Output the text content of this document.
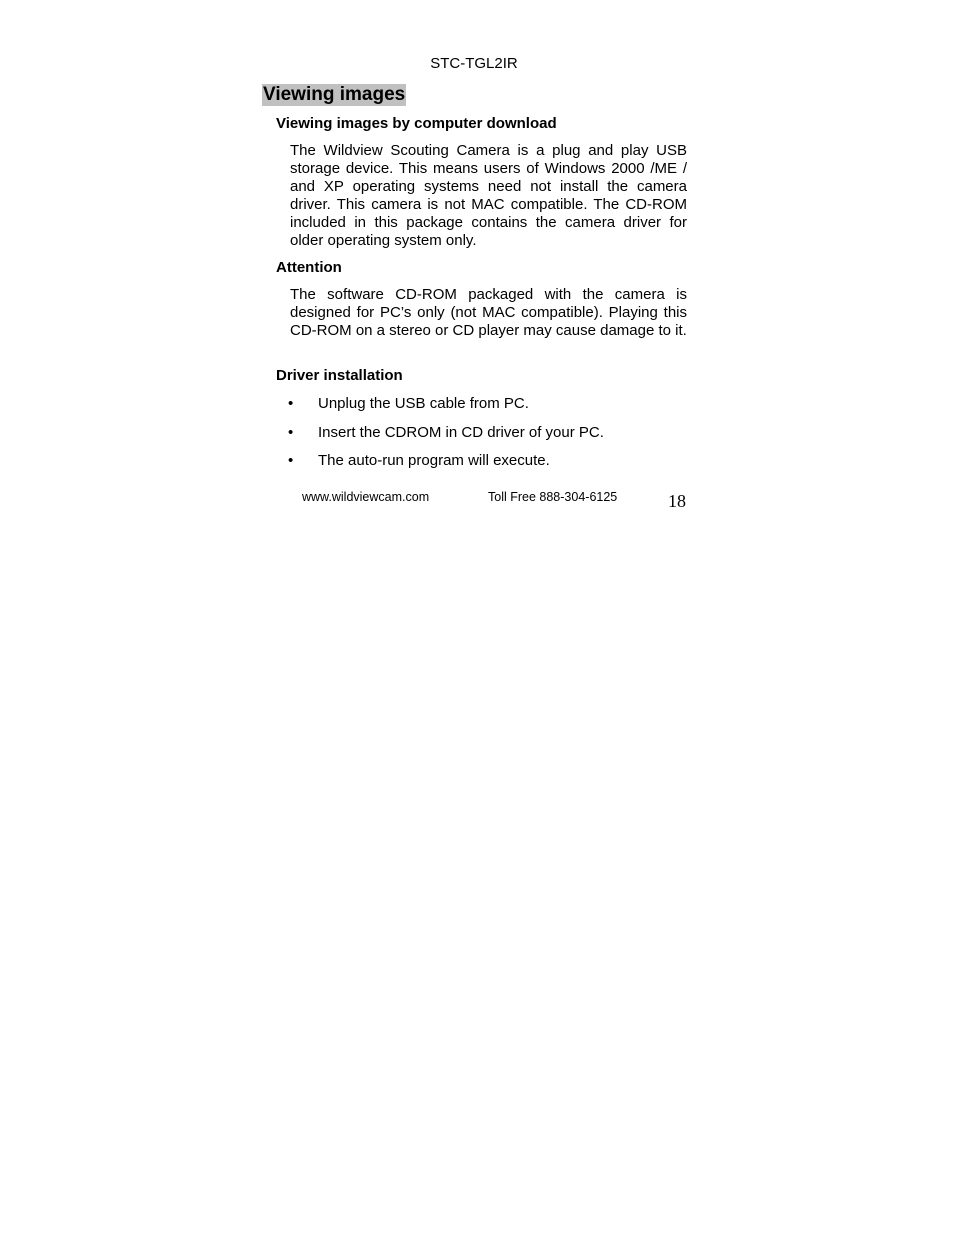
STC-TGL2IR
Viewing images
Viewing images by computer download

The Wildview Scouting Camera is a plug and play USB storage device. This means users of Windows 2000 /ME / and XP operating systems need not install the camera driver. This camera is not MAC compatible. The CD-ROM included in this package contains the camera driver for older operating system only.

Attention

The software CD-ROM packaged with the camera is designed for PC’s only (not MAC compatible). Playing this CD-ROM on a stereo or CD player may cause damage to it.

Driver installation
•	Unplug the USB cable from PC.
•	Insert the CDROM in CD driver of your PC.
•	The auto-run program will execute.
www.wildviewcam.com	Toll Free 888-304-6125	18
